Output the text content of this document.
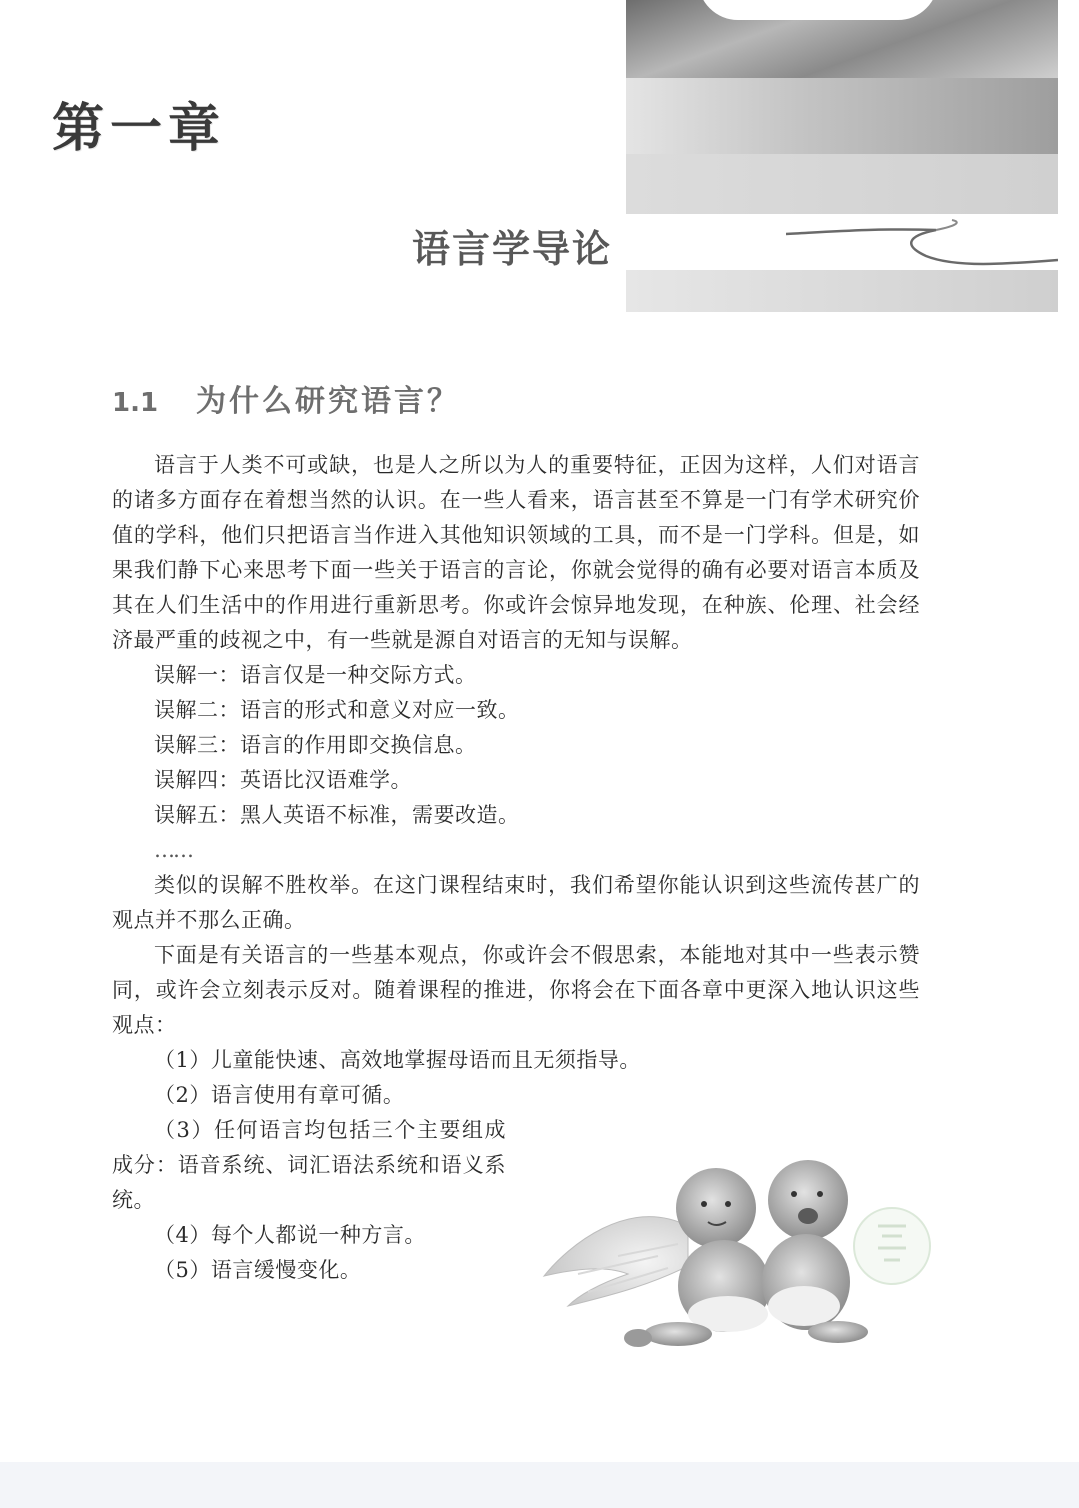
第一章
语言学导论
1.1 为什么研究语言？

语言于人类不可或缺，也是人之所以为人的重要特征，正因为这样，人们对语言的诸多方面存在着想当然的认识。在一些人看来，语言甚至不算是一门有学术研究价值的学科，他们只把语言当作进入其他知识领域的工具，而不是一门学科。但是，如果我们静下心来思考下面一些关于语言的言论，你就会觉得的确有必要对语言本质及其在人们生活中的作用进行重新思考。你或许会惊异地发现，在种族、伦理、社会经济最严重的歧视之中，有一些就是源自对语言的无知与误解。

误解一：语言仅是一种交际方式。
误解二：语言的形式和意义对应一致。
误解三：语言的作用即交换信息。
误解四：英语比汉语难学。
误解五：黑人英语不标准，需要改造。
……

类似的误解不胜枚举。在这门课程结束时，我们希望你能认识到这些流传甚广的观点并不那么正确。

下面是有关语言的一些基本观点，你或许会不假思索，本能地对其中一些表示赞同，或许会立刻表示反对。随着课程的推进，你将会在下面各章中更深入地认识这些观点：

（1）儿童能快速、高效地掌握母语而且无须指导。
（2）语言使用有章可循。

（3）任何语言均包括三个主要组成成分：语音系统、词汇语法系统和语义系统。

（4）每个人都说一种方言。
（5）语言缓慢变化。
